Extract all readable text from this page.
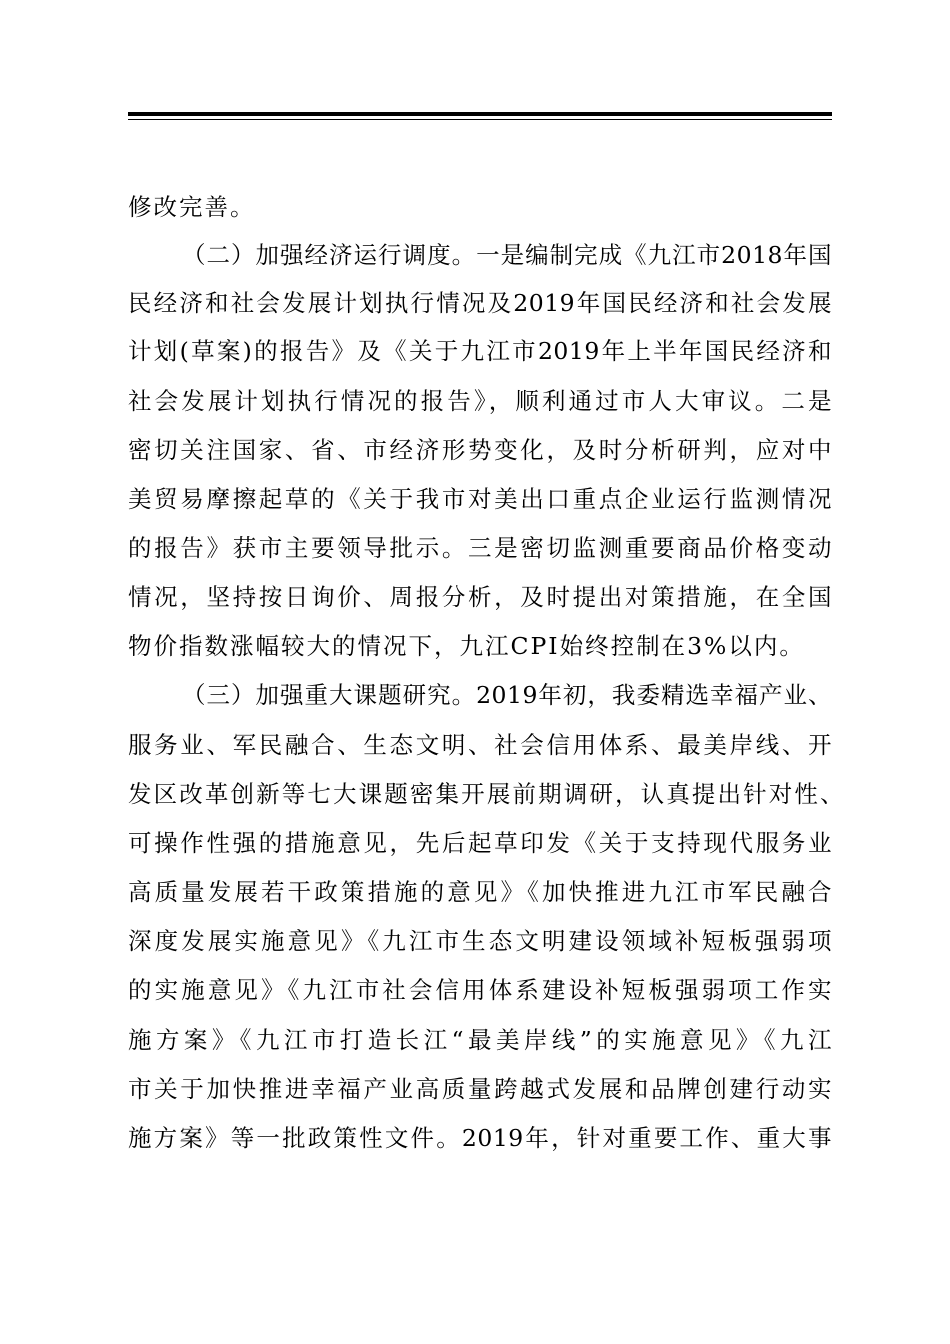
修改完善。
（二）加强经济运行调度。一是编制完成《九江市2018年国
民经济和社会发展计划执行情况及2019年国民经济和社会发展
计划(草案)的报告》及《关于九江市2019年上半年国民经济和
社会发展计划执行情况的报告》，顺利通过市人大审议。二是
密切关注国家、省、市经济形势变化，及时分析研判，应对中
美贸易摩擦起草的《关于我市对美出口重点企业运行监测情况
的报告》获市主要领导批示。三是密切监测重要商品价格变动
情况，坚持按日询价、周报分析，及时提出对策措施，在全国
物价指数涨幅较大的情况下，九江CPI始终控制在3%以内。
（三）加强重大课题研究。2019年初，我委精选幸福产业、
服务业、军民融合、生态文明、社会信用体系、最美岸线、开
发区改革创新等七大课题密集开展前期调研，认真提出针对性、
可操作性强的措施意见，先后起草印发《关于支持现代服务业
高质量发展若干政策措施的意见》《加快推进九江市军民融合
深度发展实施意见》《九江市生态文明建设领域补短板强弱项
的实施意见》《九江市社会信用体系建设补短板强弱项工作实
施方案》《九江市打造长江“最美岸线”的实施意见》《九江
市关于加快推进幸福产业高质量跨越式发展和品牌创建行动实
施方案》等一批政策性文件。2019年，针对重要工作、重大事
